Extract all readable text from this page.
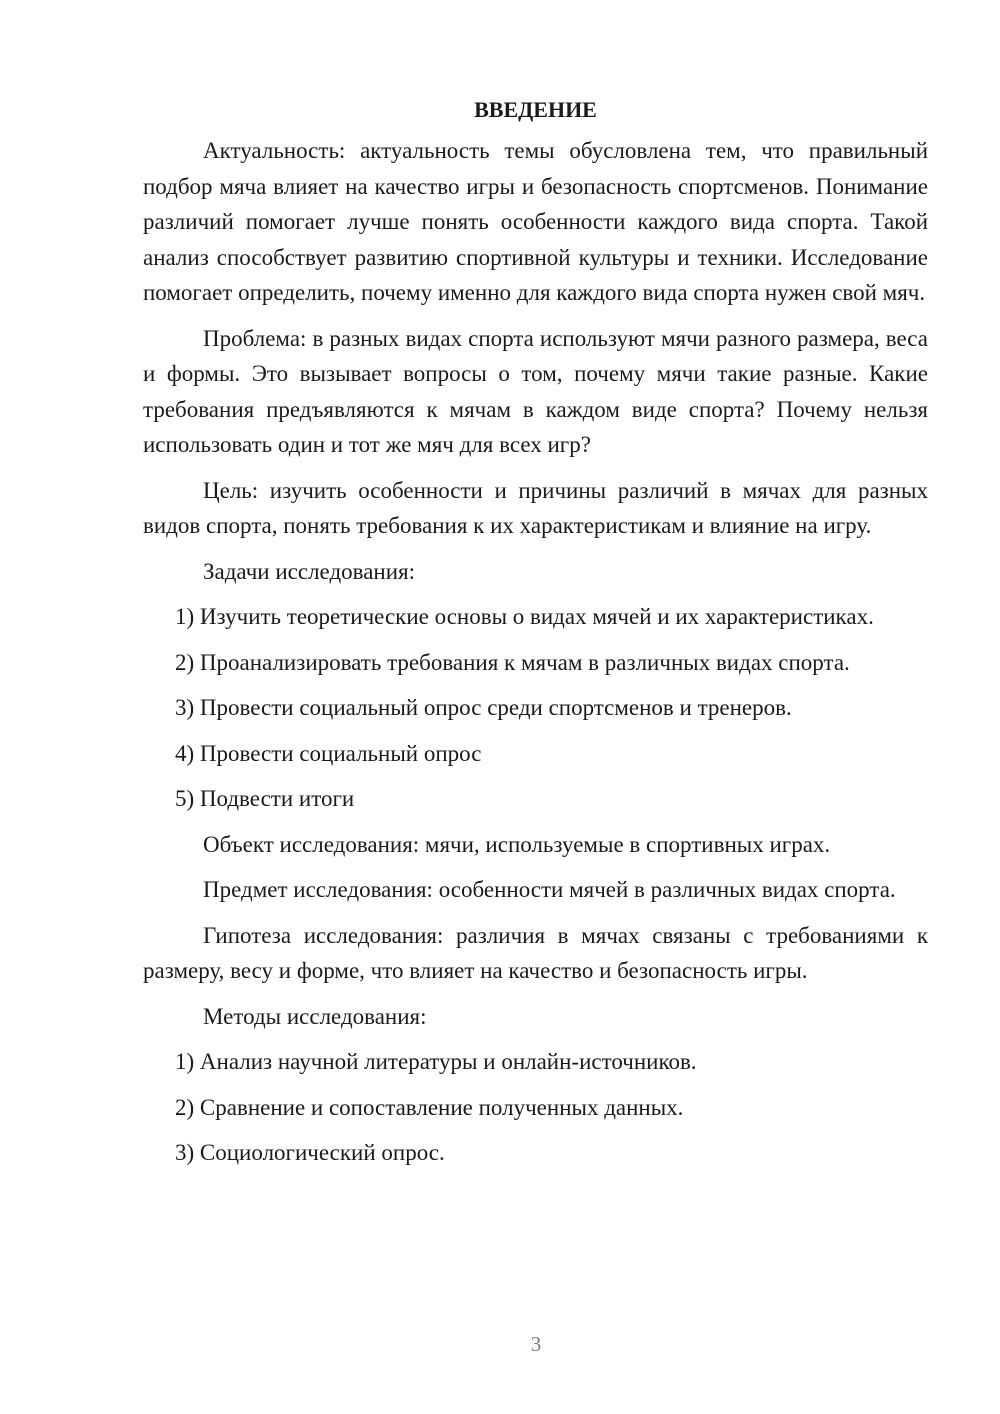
ВВЕДЕНИЕ

Актуальность: актуальность темы обусловлена тем, что правильный подбор мяча влияет на качество игры и безопасность спортсменов. Понимание различий помогает лучше понять особенности каждого вида спорта. Такой анализ способствует развитию спортивной культуры и техники. Исследование помогает определить, почему именно для каждого вида спорта нужен свой мяч.

Проблема: в разных видах спорта используют мячи разного размера, веса и формы. Это вызывает вопросы о том, почему мячи такие разные. Какие требования предъявляются к мячам в каждом виде спорта? Почему нельзя использовать один и тот же мяч для всех игр?

Цель: изучить особенности и причины различий в мячах для разных видов спорта, понять требования к их характеристикам и влияние на игру.

Задачи исследования:

1) Изучить теоретические основы о видах мячей и их характеристиках.
2) Проанализировать требования к мячам в различных видах спорта.
3) Провести социальный опрос среди спортсменов и тренеров.
4) Провести социальный опрос
5) Подвести итоги

Объект исследования: мячи, используемые в спортивных играх.

Предмет исследования: особенности мячей в различных видах спорта.

Гипотеза исследования: различия в мячах связаны с требованиями к размеру, весу и форме, что влияет на качество и безопасность игры.

Методы исследования:

1) Анализ научной литературы и онлайн-источников.
2) Сравнение и сопоставление полученных данных.
3) Социологический опрос.
3
